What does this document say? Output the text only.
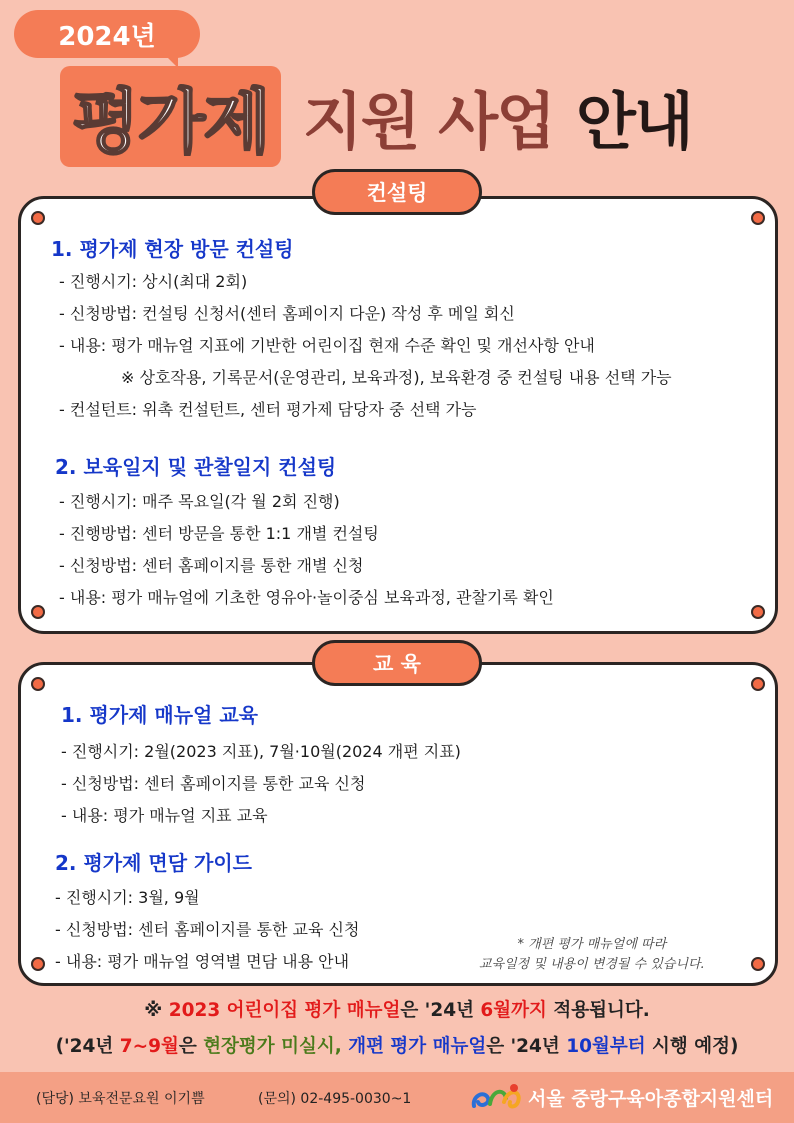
2024년
평가제 지원 사업 안내
1. 평가제 현장 방문 컨설팅
- 진행시기: 상시(최대 2회)
- 신청방법: 컨설팅 신청서(센터 홈페이지 다운) 작성 후 메일 회신
- 내용: 평가 매뉴얼 지표에 기반한 어린이집 현재 수준 확인 및 개선사항 안내
※ 상호작용, 기록문서(운영관리, 보육과정), 보육환경 중 컨설팅 내용 선택 가능
- 컨설턴트: 위촉 컨설턴트, 센터 평가제 담당자 중 선택 가능
2. 보육일지 및 관찰일지 컨설팅
- 진행시기: 매주 목요일(각 월 2회 진행)
- 진행방법: 센터 방문을 통한 1:1 개별 컨설팅
- 신청방법: 센터 홈페이지를 통한 개별 신청
- 내용: 평가 매뉴얼에 기초한 영유아·놀이중심 보육과정, 관찰기록 확인
컨설팅
1. 평가제 매뉴얼 교육
- 진행시기: 2월(2023 지표), 7월·10월(2024 개편 지표)
- 신청방법: 센터 홈페이지를 통한 교육 신청
- 내용: 평가 매뉴얼 지표 교육
2. 평가제 면담 가이드
- 진행시기: 3월, 9월
- 신청방법: 센터 홈페이지를 통한 교육 신청
- 내용: 평가 매뉴얼 영역별 면담 내용 안내
* 개편 평가 매뉴얼에 따라
교육일정 및 내용이 변경될 수 있습니다.
교 육
※ 2023 어린이집 평가 매뉴얼은 '24년 6월까지 적용됩니다.
('24년 7~9월은 현장평가 미실시, 개편 평가 매뉴얼은 '24년 10월부터 시행 예정)
(담당) 보육전문요원 이기쁨	(문의) 02-495-0030~1	서울 중랑구육아종합지원센터
